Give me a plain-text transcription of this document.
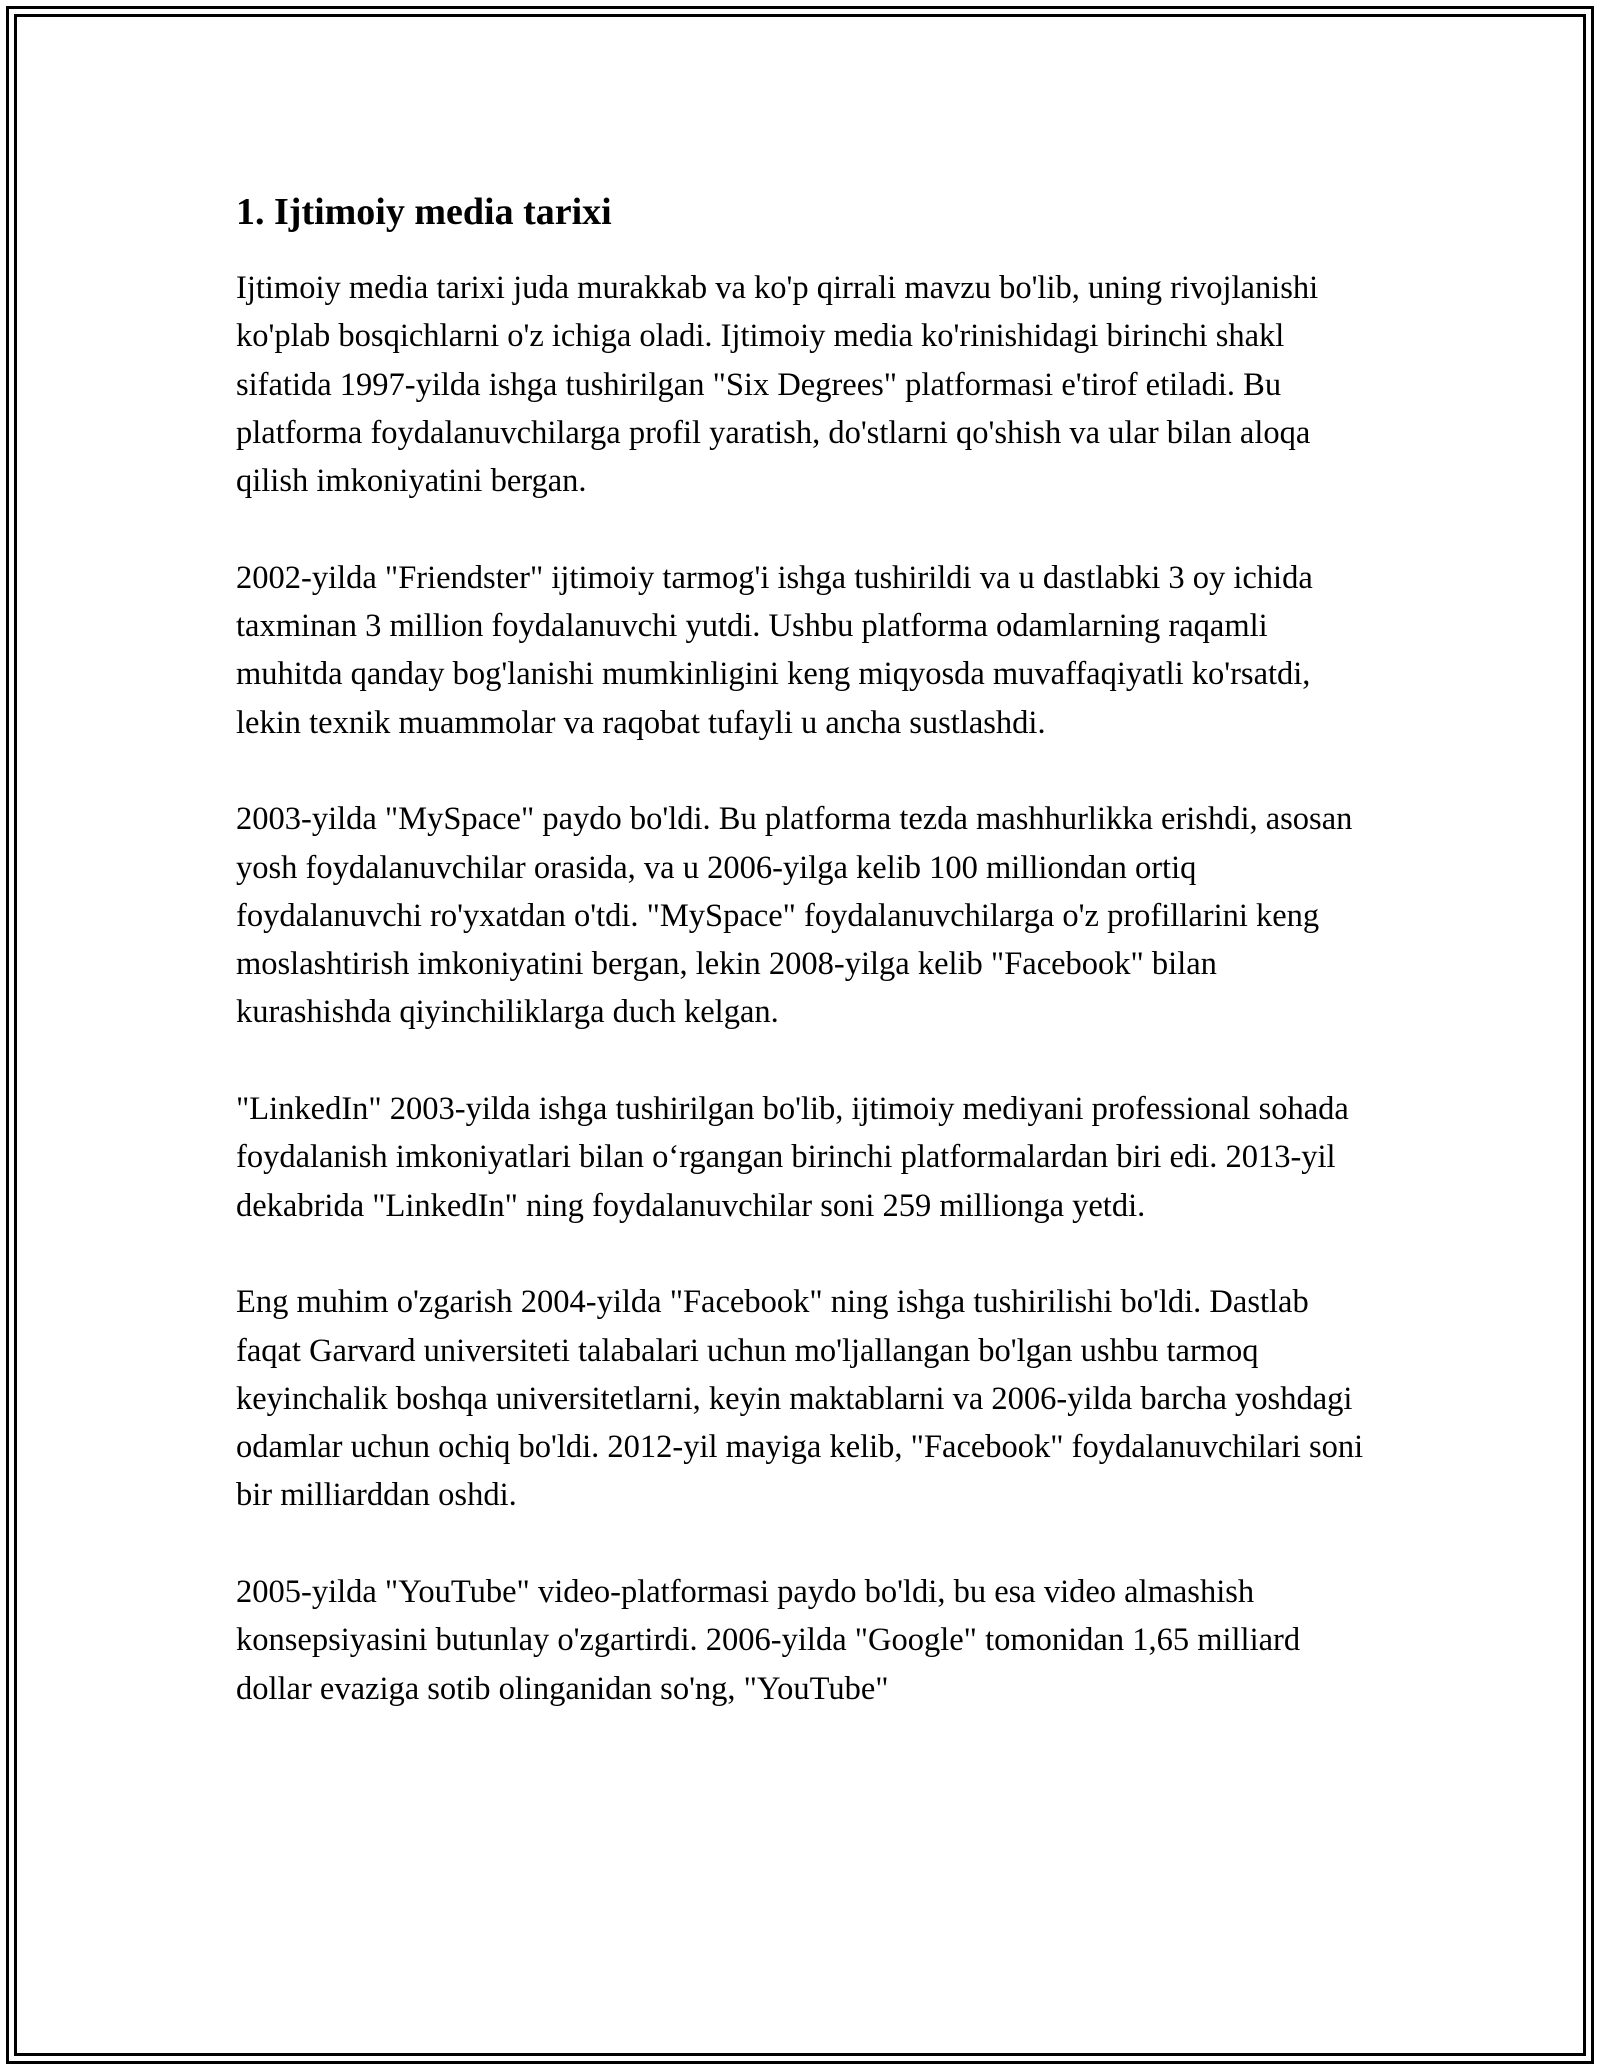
1. Ijtimoiy media tarixi

Ijtimoiy media tarixi juda murakkab va ko'p qirrali mavzu bo'lib, uning rivojlanishi ko'plab bosqichlarni o'z ichiga oladi. Ijtimoiy media ko'rinishidagi birinchi shakl sifatida 1997-yilda ishga tushirilgan "Six Degrees" platformasi e'tirof etiladi. Bu platforma foydalanuvchilarga profil yaratish, do'stlarni qo'shish va ular bilan aloqa qilish imkoniyatini bergan.

2002-yilda "Friendster" ijtimoiy tarmog'i ishga tushirildi va u dastlabki 3 oy ichida taxminan 3 million foydalanuvchi yutdi. Ushbu platforma odamlarning raqamli muhitda qanday bog'lanishi mumkinligini keng miqyosda muvaffaqiyatli ko'rsatdi, lekin texnik muammolar va raqobat tufayli u ancha sustlashdi.

2003-yilda "MySpace" paydo bo'ldi. Bu platforma tezda mashhurlikka erishdi, asosan yosh foydalanuvchilar orasida, va u 2006-yilga kelib 100 milliondan ortiq foydalanuvchi ro'yxatdan o'tdi. "MySpace" foydalanuvchilarga o'z profillarini keng moslashtirish imkoniyatini bergan, lekin 2008-yilga kelib "Facebook" bilan kurashishda qiyinchiliklarga duch kelgan.

"LinkedIn" 2003-yilda ishga tushirilgan bo'lib, ijtimoiy mediyani professional sohada foydalanish imkoniyatlari bilan o‘rgangan birinchi platformalardan biri edi. 2013-yil dekabrida "LinkedIn" ning foydalanuvchilar soni 259 millionga yetdi.

Eng muhim o'zgarish 2004-yilda "Facebook" ning ishga tushirilishi bo'ldi. Dastlab faqat Garvard universiteti talabalari uchun mo'ljallangan bo'lgan ushbu tarmoq keyinchalik boshqa universitetlarni, keyin maktablarni va 2006-yilda barcha yoshdagi odamlar uchun ochiq bo'ldi. 2012-yil mayiga kelib, "Facebook" foydalanuvchilari soni bir milliarddan oshdi.

2005-yilda "YouTube" video-platformasi paydo bo'ldi, bu esa video almashish konsepsiyasini butunlay o'zgartirdi. 2006-yilda "Google" tomonidan 1,65 milliard dollar evaziga sotib olinganidan so'ng, "YouTube"
